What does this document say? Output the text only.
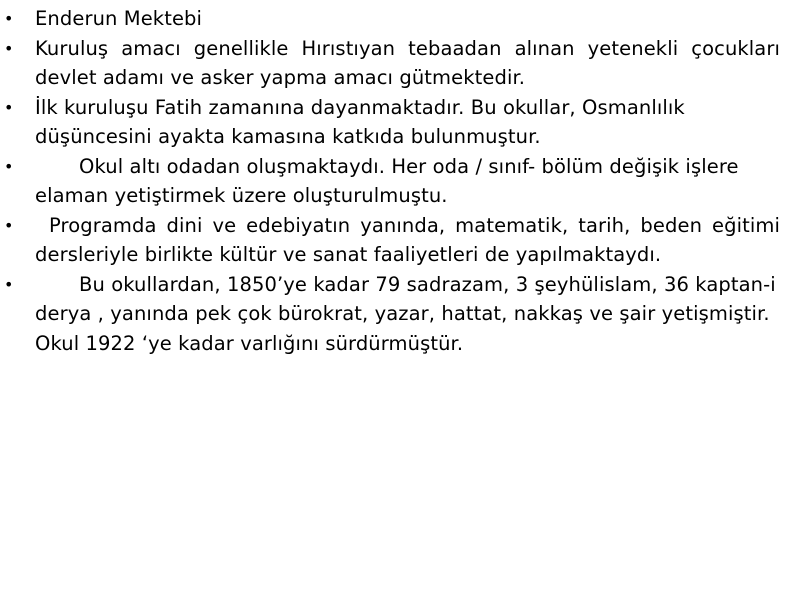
• Enderun Mektebi
• Kuruluş amacı genellikle Hırıstıyan tebaadan alınan yetenekli çocukları devlet adamı ve asker yapma amacı gütmektedir.
• İlk kuruluşu Fatih zamanına dayanmaktadır. Bu okullar, Osmanlılık düşüncesini ayakta kamasına katkıda bulunmuştur.
•	Okul altı odadan oluşmaktaydı. Her oda / sınıf- bölüm değişik işlere elaman yetiştirmek üzere oluşturulmuştu.
• Programda dini ve edebiyatın yanında, matematik, tarih, beden eğitimi dersleriyle birlikte kültür ve sanat faaliyetleri de yapılmaktaydı.
•	Bu okullardan, 1850’ye kadar 79 sadrazam, 3 şeyhülislam, 36 kaptan-i derya , yanında pek çok bürokrat, yazar, hattat, nakkaş ve şair yetişmiştir. Okul 1922 ‘ye kadar varlığını sürdürmüştür.
